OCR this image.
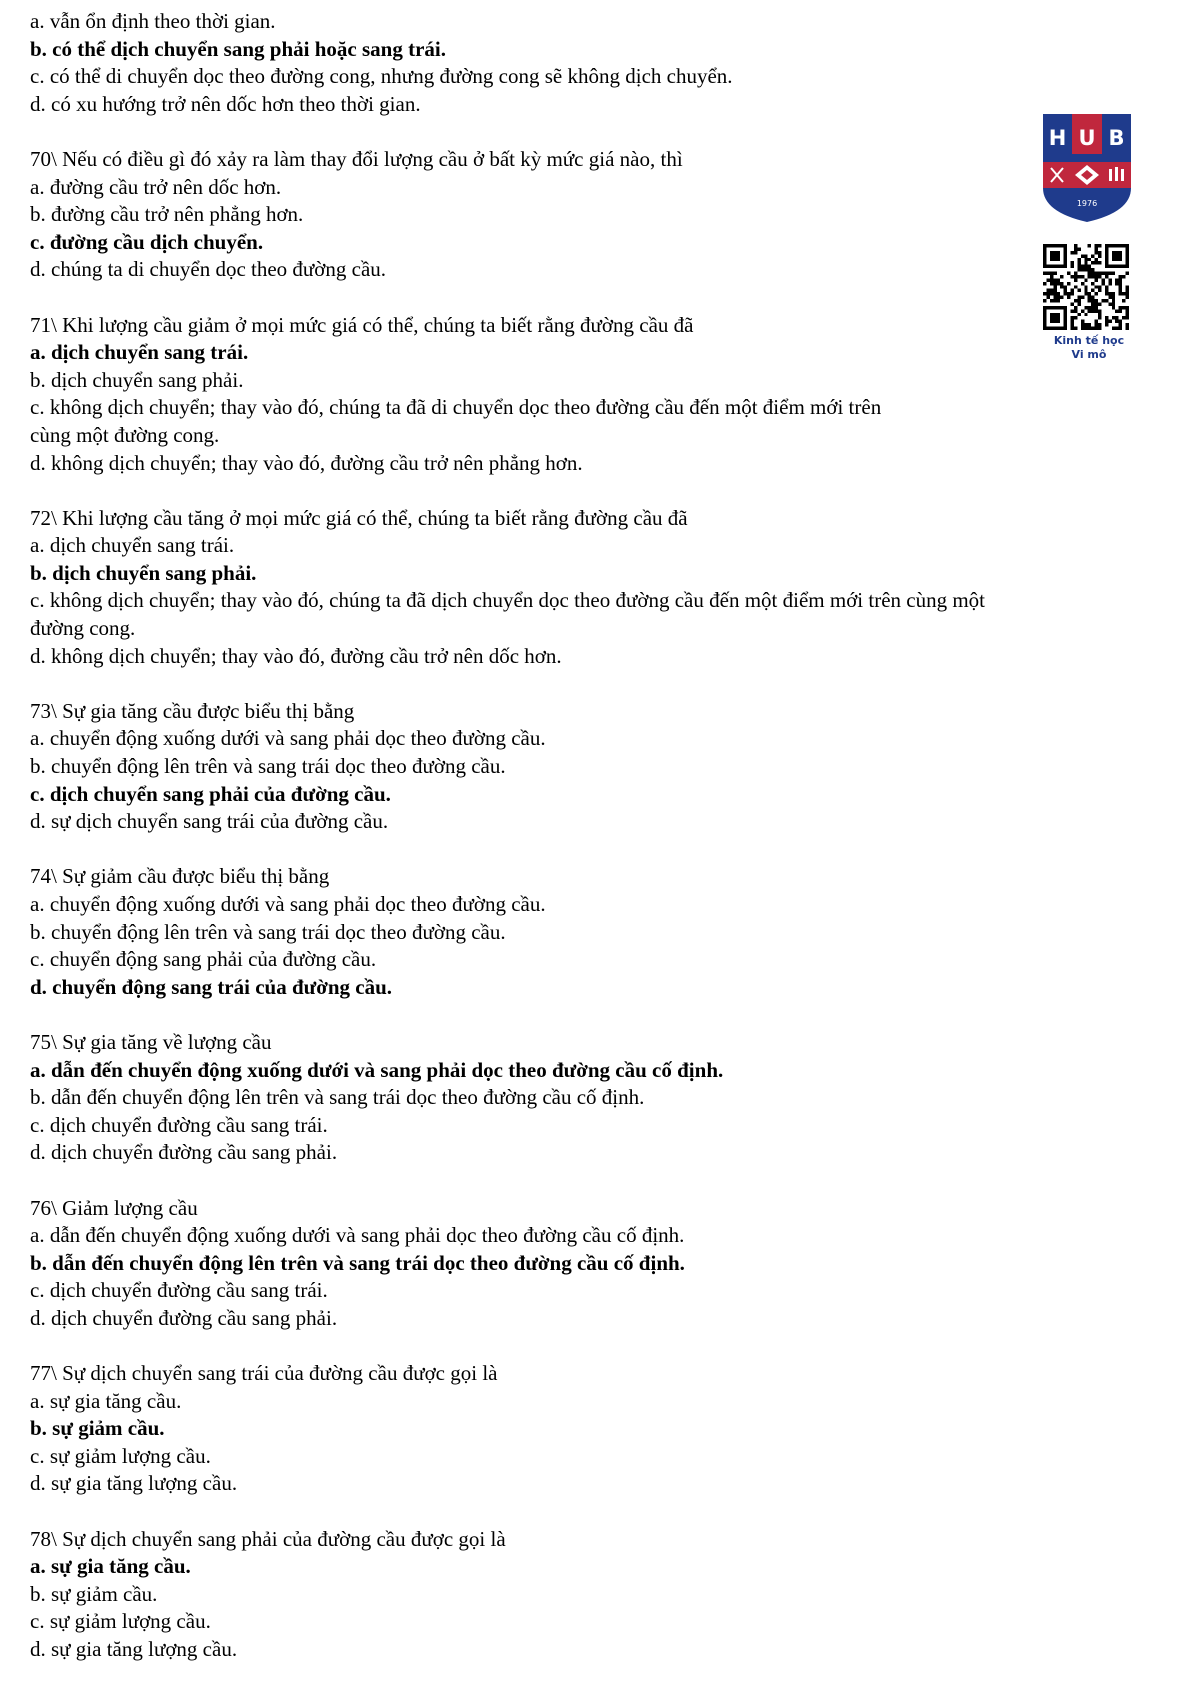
a. vẫn ổn định theo thời gian.
b. có thể dịch chuyển sang phải hoặc sang trái.
c. có thể di chuyển dọc theo đường cong, nhưng đường cong sẽ không dịch chuyển.
d. có xu hướng trở nên dốc hơn theo thời gian.
70\ Nếu có điều gì đó xảy ra làm thay đổi lượng cầu ở bất kỳ mức giá nào, thì
a. đường cầu trở nên dốc hơn.
b. đường cầu trở nên phẳng hơn.
c. đường cầu dịch chuyển.
d. chúng ta di chuyển dọc theo đường cầu.
71\ Khi lượng cầu giảm ở mọi mức giá có thể, chúng ta biết rằng đường cầu đã
a. dịch chuyển sang trái.
b. dịch chuyển sang phải.
c. không dịch chuyển; thay vào đó, chúng ta đã di chuyển dọc theo đường cầu đến một điểm mới trên
cùng một đường cong.
d. không dịch chuyển; thay vào đó, đường cầu trở nên phẳng hơn.
72\ Khi lượng cầu tăng ở mọi mức giá có thể, chúng ta biết rằng đường cầu đã
a. dịch chuyển sang trái.
b. dịch chuyển sang phải.
c. không dịch chuyển; thay vào đó, chúng ta đã dịch chuyển dọc theo đường cầu đến một điểm mới trên cùng một
đường cong.
d. không dịch chuyển; thay vào đó, đường cầu trở nên dốc hơn.
73\ Sự gia tăng cầu được biểu thị bằng
a. chuyển động xuống dưới và sang phải dọc theo đường cầu.
b. chuyển động lên trên và sang trái dọc theo đường cầu.
c. dịch chuyển sang phải của đường cầu.
d. sự dịch chuyển sang trái của đường cầu.
74\ Sự giảm cầu được biểu thị bằng
a. chuyển động xuống dưới và sang phải dọc theo đường cầu.
b. chuyển động lên trên và sang trái dọc theo đường cầu.
c. chuyển động sang phải của đường cầu.
d. chuyển động sang trái của đường cầu.
75\ Sự gia tăng về lượng cầu
a. dẫn đến chuyển động xuống dưới và sang phải dọc theo đường cầu cố định.
b. dẫn đến chuyển động lên trên và sang trái dọc theo đường cầu cố định.
c. dịch chuyển đường cầu sang trái.
d. dịch chuyển đường cầu sang phải.
76\ Giảm lượng cầu
a. dẫn đến chuyển động xuống dưới và sang phải dọc theo đường cầu cố định.
b. dẫn đến chuyển động lên trên và sang trái dọc theo đường cầu cố định.
c. dịch chuyển đường cầu sang trái.
d. dịch chuyển đường cầu sang phải.
77\ Sự dịch chuyển sang trái của đường cầu được gọi là
a. sự gia tăng cầu.
b. sự giảm cầu.
c. sự giảm lượng cầu.
d. sự gia tăng lượng cầu.
78\ Sự dịch chuyển sang phải của đường cầu được gọi là
a. sự gia tăng cầu.
b. sự giảm cầu.
c. sự giảm lượng cầu.
d. sự gia tăng lượng cầu.
H U B
1976
Kinh tế học
Vi mô
